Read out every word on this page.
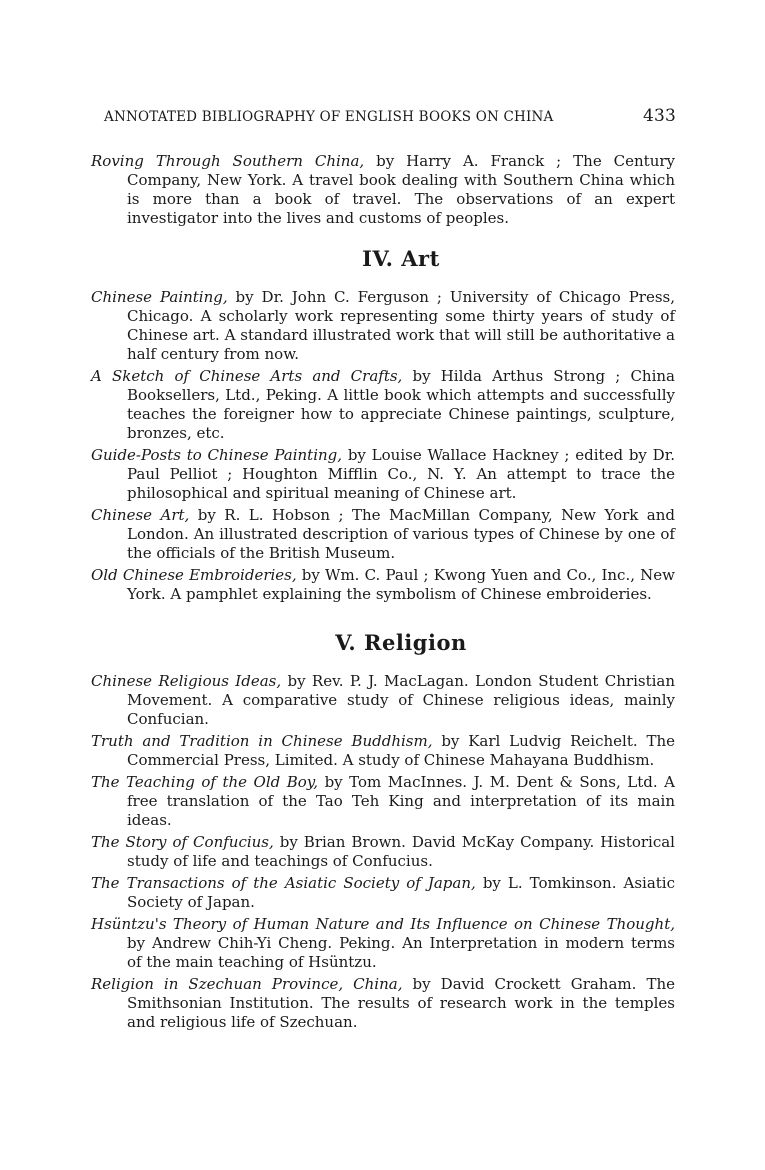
ANNOTATED BIBLIOGRAPHY OF ENGLISH BOOKS ON CHINA	433

Roving Through Southern China, by Harry A. Franck ; The Century Company, New York. A travel book dealing with Southern China which is more than a book of travel. The observations of an expert investigator into the lives and customs of peoples.

IV. Art

Chinese Painting, by Dr. John C. Ferguson ; University of Chicago Press, Chicago. A scholarly work representing some thirty years of study of Chinese art. A standard illustrated work that will still be authoritative a half century from now.

A Sketch of Chinese Arts and Crafts, by Hilda Arthus Strong ; China Booksellers, Ltd., Peking. A little book which attempts and successfully teaches the foreigner how to appreciate Chinese paintings, sculpture, bronzes, etc.

Guide-Posts to Chinese Painting, by Louise Wallace Hackney ; edited by Dr. Paul Pelliot ; Houghton Mifflin Co., N. Y. An attempt to trace the philosophical and spiritual meaning of Chinese art.

Chinese Art, by R. L. Hobson ; The MacMillan Company, New York and London. An illustrated description of various types of Chinese by one of the officials of the British Museum.

Old Chinese Embroideries, by Wm. C. Paul ; Kwong Yuen and Co., Inc., New York. A pamphlet explaining the symbolism of Chinese embroideries.

V. Religion

Chinese Religious Ideas, by Rev. P. J. MacLagan. London Student Christian Movement. A comparative study of Chinese religious ideas, mainly Confucian.

Truth and Tradition in Chinese Buddhism, by Karl Ludvig Reichelt. The Commercial Press, Limited. A study of Chinese Mahayana Buddhism.

The Teaching of the Old Boy, by Tom MacInnes. J. M. Dent & Sons, Ltd. A free translation of the Tao Teh King and interpretation of its main ideas.

The Story of Confucius, by Brian Brown. David McKay Company. Historical study of life and teachings of Confucius.

The Transactions of the Asiatic Society of Japan, by L. Tomkinson. Asiatic Society of Japan.

Hsüntzu's Theory of Human Nature and Its Influence on Chinese Thought, by Andrew Chih-Yi Cheng. Peking. An Interpretation in modern terms of the main teaching of Hsüntzu.

Religion in Szechuan Province, China, by David Crockett Graham. The Smithsonian Institution. The results of research work in the temples and religious life of Szechuan.
